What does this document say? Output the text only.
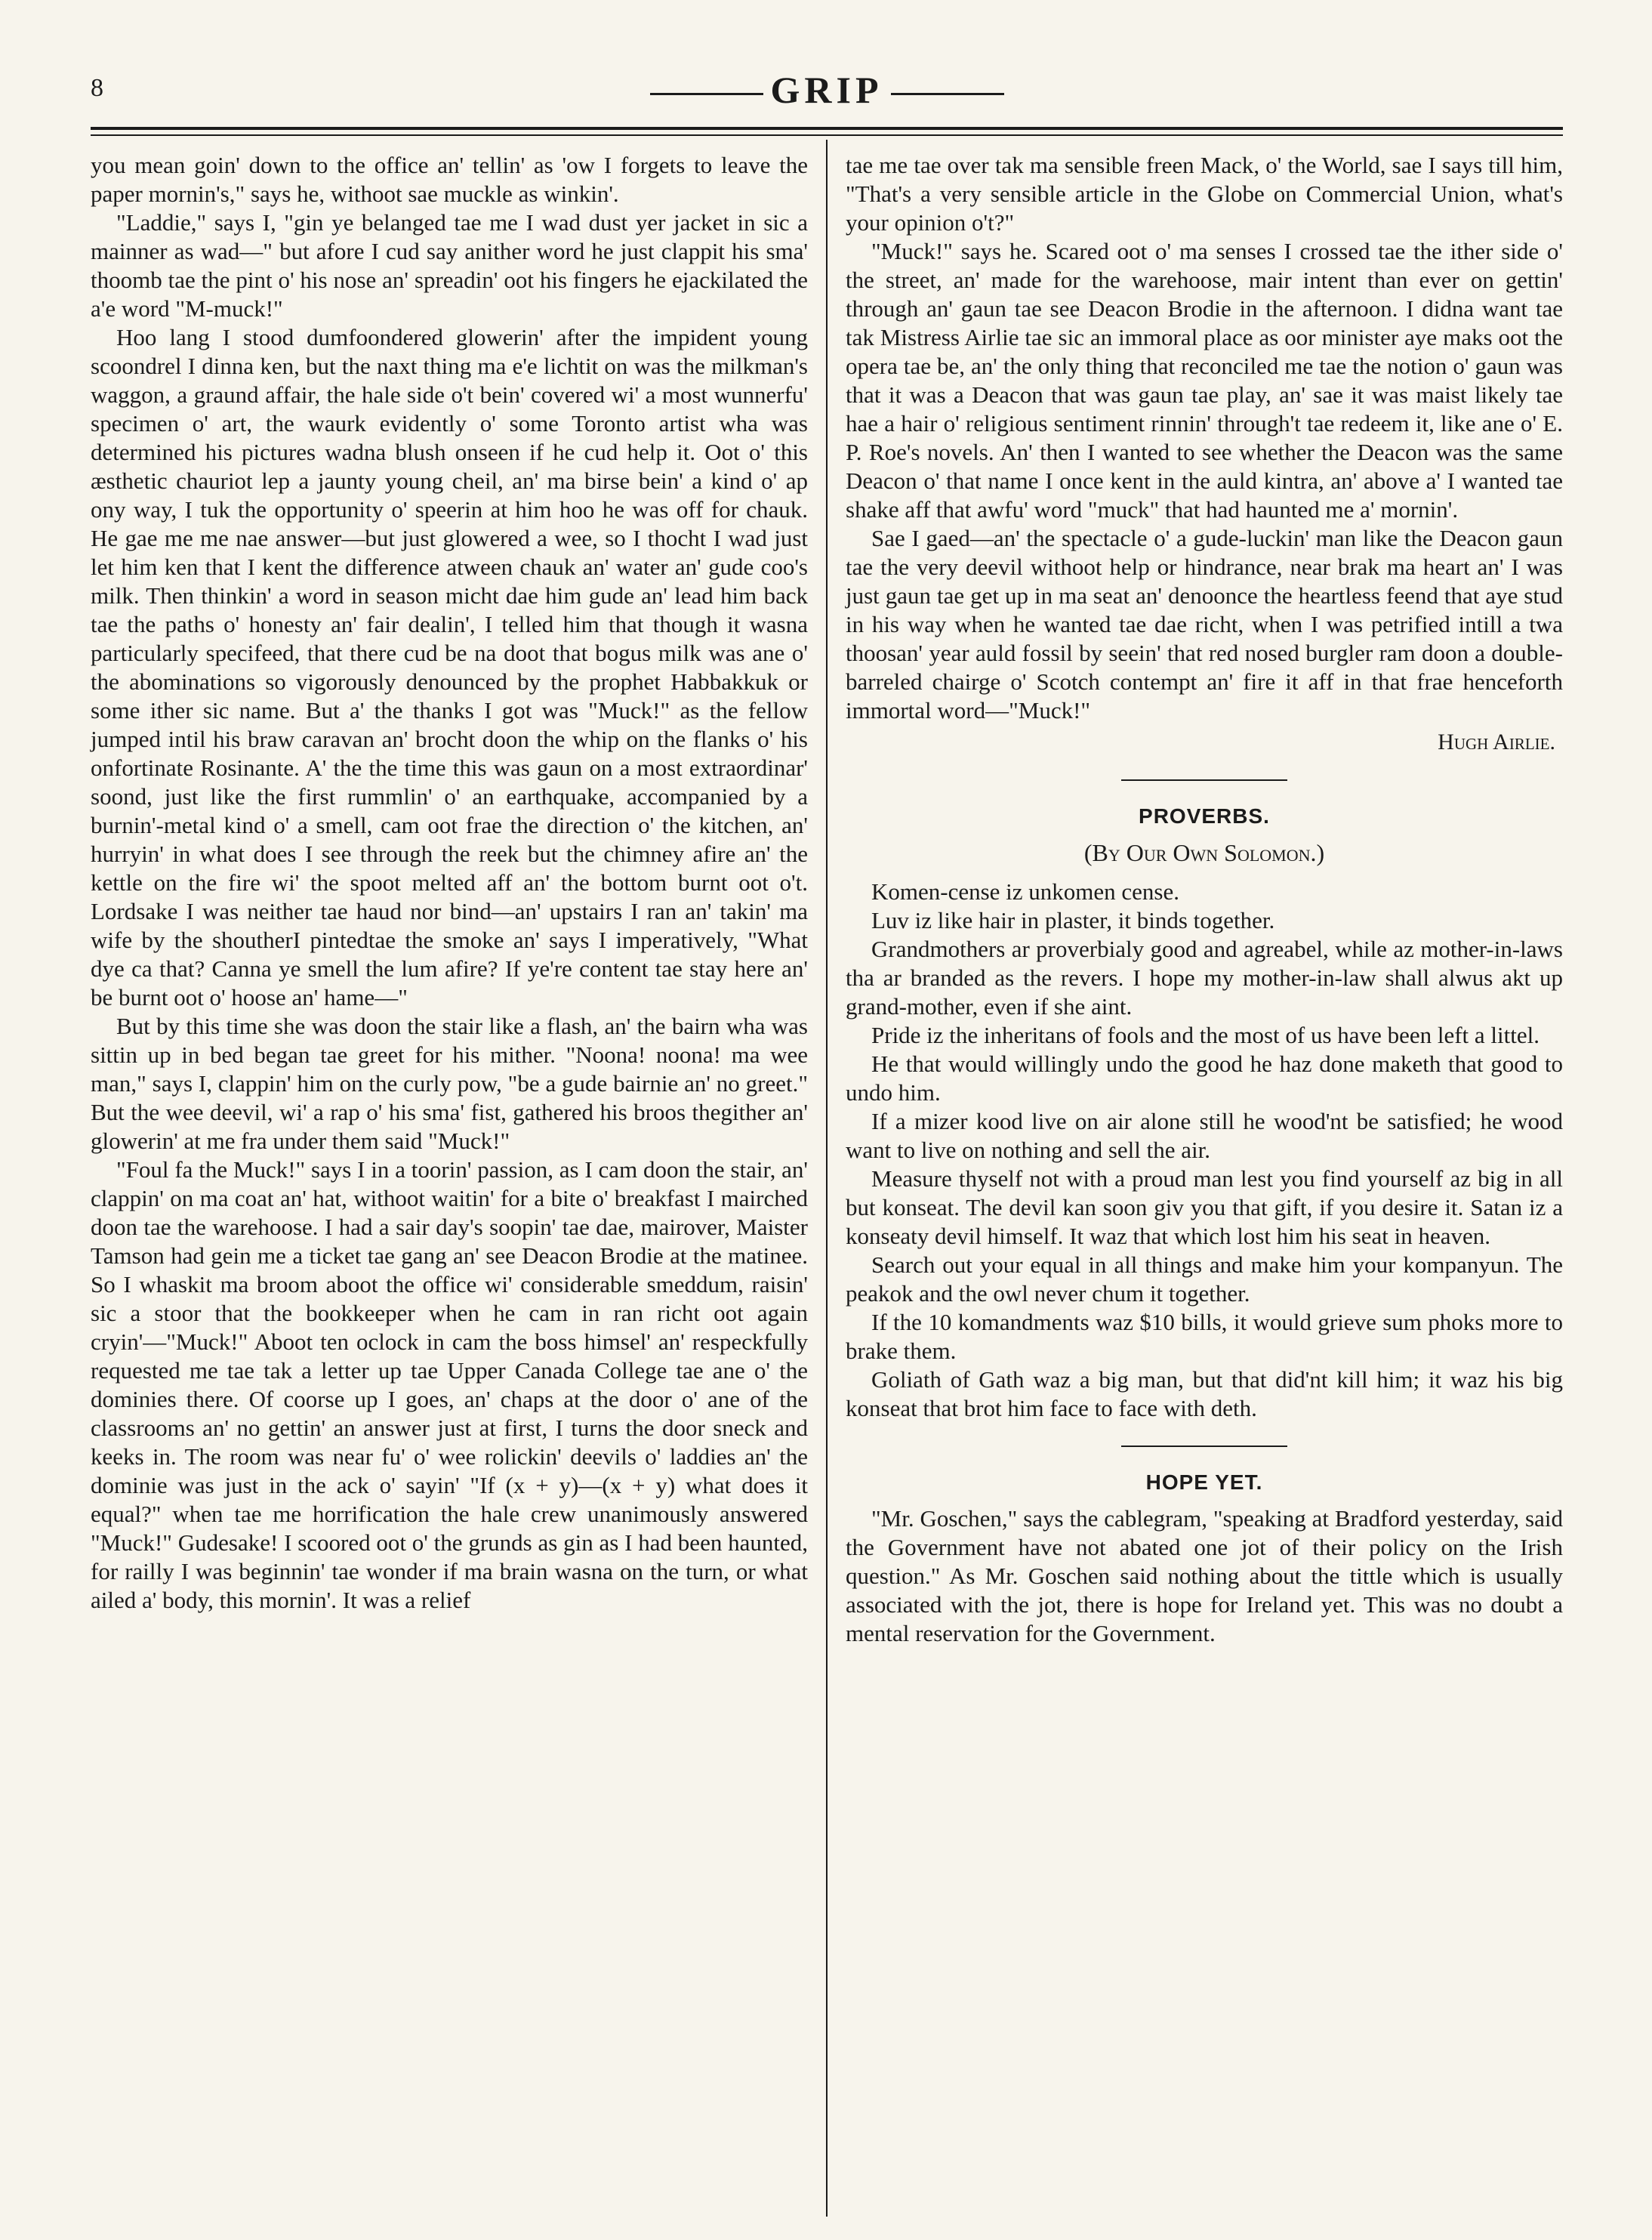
8	GRIP

you mean goin' down to the office an' tellin' as 'ow I forgets to leave the paper mornin's," says he, withoot sae muckle as winkin'.

"Laddie," says I, "gin ye belanged tae me I wad dust yer jacket in sic a mainner as wad—" but afore I cud say anither word he just clappit his sma' thoomb tae the pint o' his nose an' spreadin' oot his fingers he ejackilated the a'e word "M-muck!"

Hoo lang I stood dumfoondered glowerin' after the impident young scoondrel I dinna ken, but the naxt thing ma e'e lichtit on was the milkman's waggon, a graund affair, the hale side o't bein' covered wi' a most wunnerfu' specimen o' art, the waurk evidently o' some Toronto artist wha was determined his pictures wadna blush onseen if he cud help it. Oot o' this æsthetic chauriot lep a jaunty young cheil, an' ma birse bein' a kind o' ap ony way, I tuk the opportunity o' speerin at him hoo he was off for chauk. He gae me me nae answer—but just glowered a wee, so I thocht I wad just let him ken that I kent the difference atween chauk an' water an' gude coo's milk. Then thinkin' a word in season micht dae him gude an' lead him back tae the paths o' honesty an' fair dealin', I telled him that though it wasna particularly specifeed, that there cud be na doot that bogus milk was ane o' the abominations so vigorously denounced by the prophet Habbakkuk or some ither sic name. But a' the thanks I got was "Muck!" as the fellow jumped intil his braw caravan an' brocht doon the whip on the flanks o' his onfortinate Rosinante. A' the the time this was gaun on a most extraordinar' soond, just like the first rummlin' o' an earthquake, accompanied by a burnin'-metal kind o' a smell, cam oot frae the direction o' the kitchen, an' hurryin' in what does I see through the reek but the chimney afire an' the kettle on the fire wi' the spoot melted aff an' the bottom burnt oot o't. Lordsake I was neither tae haud nor bind—an' upstairs I ran an' takin' ma wife by the shoutherI pintedtae the smoke an' says I imperatively, "What dye ca that? Canna ye smell the lum afire? If ye're content tae stay here an' be burnt oot o' hoose an' hame—"

But by this time she was doon the stair like a flash, an' the bairn wha was sittin up in bed began tae greet for his mither. "Noona! noona! ma wee man," says I, clappin' him on the curly pow, "be a gude bairnie an' no greet." But the wee deevil, wi' a rap o' his sma' fist, gathered his broos thegither an' glowerin' at me fra under them said "Muck!"

"Foul fa the Muck!" says I in a toorin' passion, as I cam doon the stair, an' clappin' on ma coat an' hat, withoot waitin' for a bite o' breakfast I mairched doon tae the warehoose. I had a sair day's soopin' tae dae, mairover, Maister Tamson had gein me a ticket tae gang an' see Deacon Brodie at the matinee. So I whaskit ma broom aboot the office wi' considerable smeddum, raisin' sic a stoor that the bookkeeper when he cam in ran richt oot again cryin'—"Muck!" Aboot ten oclock in cam the boss himsel' an' respeckfully requested me tae tak a letter up tae Upper Canada College tae ane o' the dominies there. Of coorse up I goes, an' chaps at the door o' ane of the classrooms an' no gettin' an answer just at first, I turns the door sneck and keeks in. The room was near fu' o' wee rolickin' deevils o' laddies an' the dominie was just in the ack o' sayin' "If (x + y)—(x + y) what does it equal?" when tae me horrification the hale crew unanimously answered "Muck!" Gudesake! I scoored oot o' the grunds as gin as I had been haunted, for railly I was beginnin' tae wonder if ma brain wasna on the turn, or what ailed a' body, this mornin'. It was a relief

tae me tae over tak ma sensible freen Mack, o' the World, sae I says till him, "That's a very sensible article in the Globe on Commercial Union, what's your opinion o't?"

"Muck!" says he. Scared oot o' ma senses I crossed tae the ither side o' the street, an' made for the warehoose, mair intent than ever on gettin' through an' gaun tae see Deacon Brodie in the afternoon. I didna want tae tak Mistress Airlie tae sic an immoral place as oor minister aye maks oot the opera tae be, an' the only thing that reconciled me tae the notion o' gaun was that it was a Deacon that was gaun tae play, an' sae it was maist likely tae hae a hair o' religious sentiment rinnin' through't tae redeem it, like ane o' E. P. Roe's novels. An' then I wanted to see whether the Deacon was the same Deacon o' that name I once kent in the auld kintra, an' above a' I wanted tae shake aff that awfu' word "muck" that had haunted me a' mornin'.

Sae I gaed—an' the spectacle o' a gude-luckin' man like the Deacon gaun tae the very deevil withoot help or hindrance, near brak ma heart an' I was just gaun tae get up in ma seat an' denoonce the heartless feend that aye stud in his way when he wanted tae dae richt, when I was petrified intill a twa thoosan' year auld fossil by seein' that red nosed burgler ram doon a double-barreled chairge o' Scotch contempt an' fire it aff in that frae henceforth immortal word—"Muck!"

Hugh Airlie.
PROVERBS.
(By Our Own Solomon.)

Komen-cense iz unkomen cense.

Luv iz like hair in plaster, it binds together.

Grandmothers ar proverbialy good and agreabel, while az mother-in-laws tha ar branded as the revers. I hope my mother-in-law shall alwus akt up grand-mother, even if she aint.

Pride iz the inheritans of fools and the most of us have been left a littel.

He that would willingly undo the good he haz done maketh that good to undo him.

If a mizer kood live on air alone still he wood'nt be satisfied; he wood want to live on nothing and sell the air.

Measure thyself not with a proud man lest you find yourself az big in all but konseat. The devil kan soon giv you that gift, if you desire it. Satan iz a konseaty devil himself. It waz that which lost him his seat in heaven.

Search out your equal in all things and make him your kompanyun. The peakok and the owl never chum it together.

If the 10 komandments waz $10 bills, it would grieve sum phoks more to brake them.

Goliath of Gath waz a big man, but that did'nt kill him; it waz his big konseat that brot him face to face with deth.

HOPE YET.

"Mr. Goschen," says the cablegram, "speaking at Bradford yesterday, said the Government have not abated one jot of their policy on the Irish question." As Mr. Goschen said nothing about the tittle which is usually associated with the jot, there is hope for Ireland yet. This was no doubt a mental reservation for the Government.
